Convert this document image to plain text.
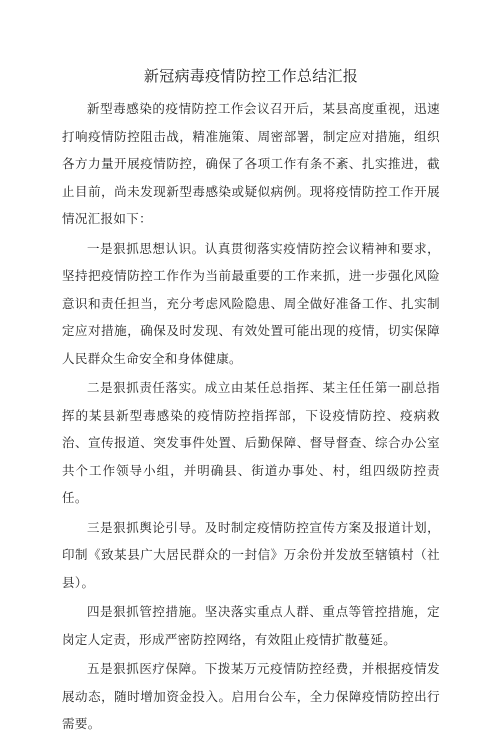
新冠病毒疫情防控工作总结汇报

新型毒感染的疫情防控工作会议召开后，某县高度重视，迅速打响疫情防控阻击战，精准施策、周密部署，制定应对措施，组织各方力量开展疫情防控，确保了各项工作有条不紊、扎实推进，截止目前，尚未发现新型毒感染或疑似病例。现将疫情防控工作开展情况汇报如下：

一是狠抓思想认识。认真贯彻落实疫情防控会议精神和要求，坚持把疫情防控工作作为当前最重要的工作来抓，进一步强化风险意识和责任担当，充分考虑风险隐患、周全做好准备工作、扎实制定应对措施，确保及时发现、有效处置可能出现的疫情，切实保障人民群众生命安全和身体健康。

二是狠抓责任落实。成立由某任总指挥、某主任任第一副总指挥的某县新型毒感染的疫情防控指挥部，下设疫情防控、疫病救治、宣传报道、突发事件处置、后勤保障、督导督查、综合办公室共个工作领导小组，并明确县、街道办事处、村，组四级防控责任。

三是狠抓舆论引导。及时制定疫情防控宣传方案及报道计划，印制《致某县广大居民群众的一封信》万余份并发放至辖镇村（社县）。

四是狠抓管控措施。坚决落实重点人群、重点等管控措施，定岗定人定责，形成严密防控网络，有效阻止疫情扩散蔓延。

五是狠抓医疗保障。下拨某万元疫情防控经费，并根据疫情发展动态，随时增加资金投入。启用台公车，全力保障疫情防控出行需要。
